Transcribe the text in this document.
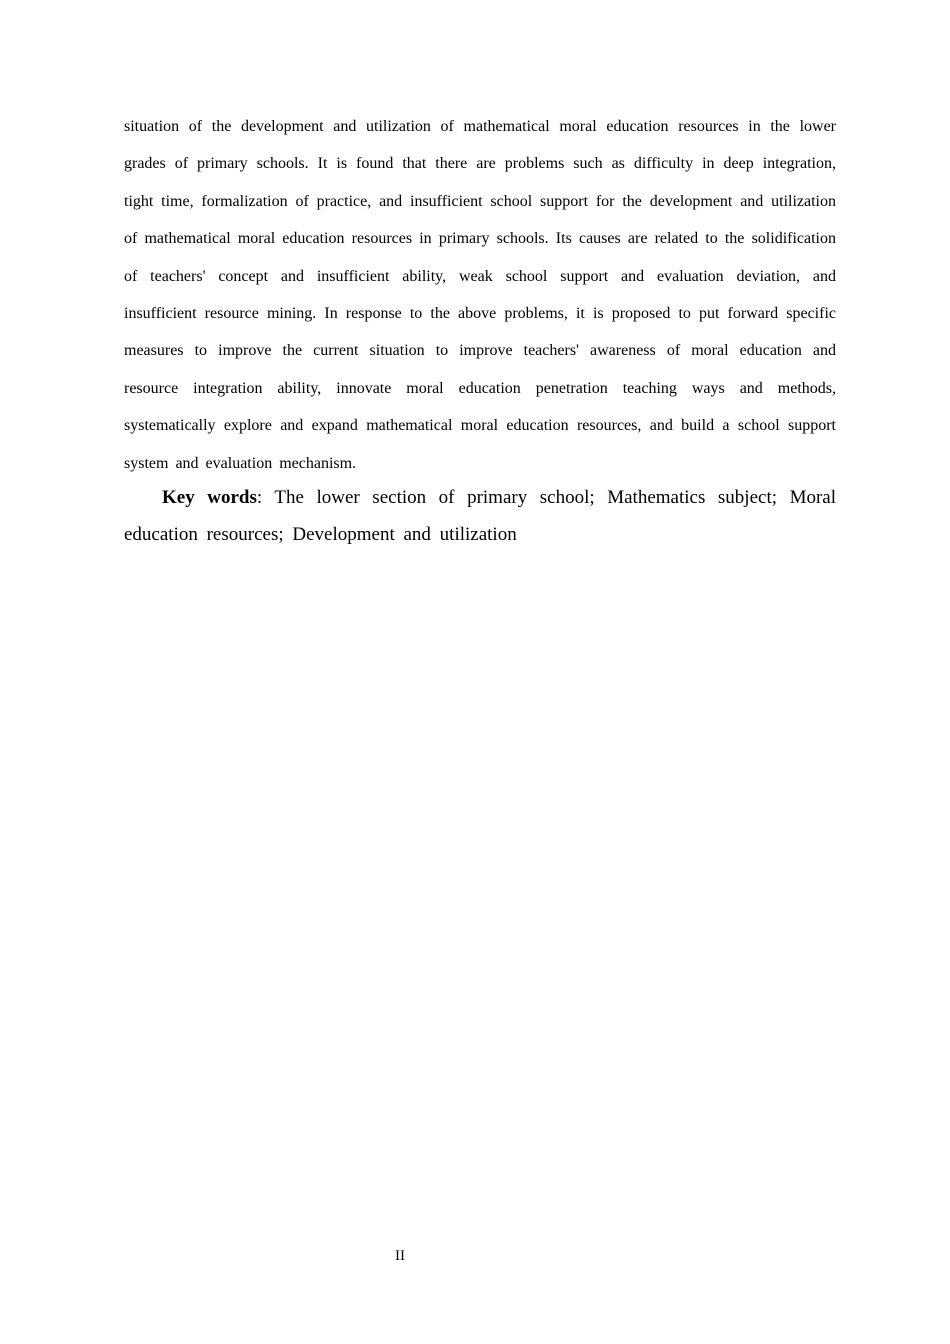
situation of the development and utilization of mathematical moral education resources in the lower grades of primary schools. It is found that there are problems such as difficulty in deep integration, tight time, formalization of practice, and insufficient school support for the development and utilization of mathematical moral education resources in primary schools. Its causes are related to the solidification of teachers' concept and insufficient ability, weak school support and evaluation deviation, and insufficient resource mining. In response to the above problems, it is proposed to put forward specific measures to improve the current situation to improve teachers' awareness of moral education and resource integration ability, innovate moral education penetration teaching ways and methods, systematically explore and expand mathematical moral education resources, and build a school support system and evaluation mechanism.

Key words: The lower section of primary school; Mathematics subject; Moral education resources; Development and utilization

II
